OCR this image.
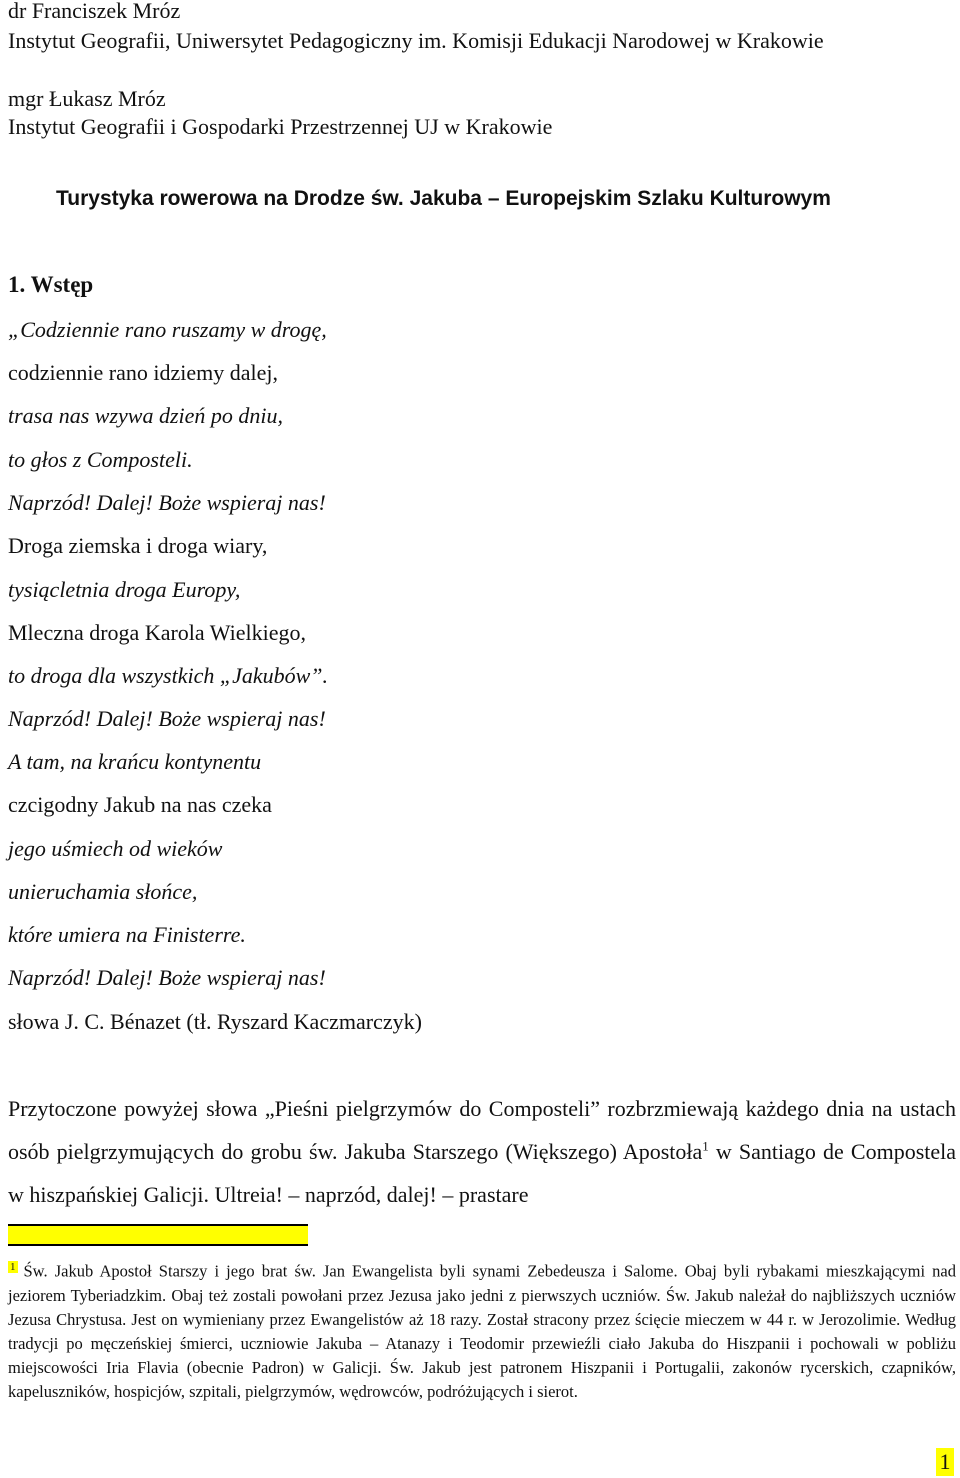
dr Franciszek Mróz
Instytut Geografii, Uniwersytet Pedagogiczny im. Komisji Edukacji Narodowej w Krakowie
mgr Łukasz Mróz
Instytut Geografii i Gospodarki Przestrzennej UJ w Krakowie
Turystyka rowerowa na Drodze św. Jakuba – Europejskim Szlaku Kulturowym
1. Wstęp
„Codziennie rano ruszamy w drogę,
codziennie rano idziemy dalej,
trasa nas wzywa dzień po dniu,
to głos z Composteli.
Naprzód! Dalej! Boże wspieraj nas!
Droga ziemska i droga wiary,
tysiącletnia droga Europy,
Mleczna droga Karola Wielkiego,
to droga dla wszystkich „Jakubów”.
Naprzód! Dalej! Boże wspieraj nas!
A tam, na krańcu kontynentu
czcigodny Jakub na nas czeka
jego uśmiech od wieków
unieruchamia słońce,
które umiera na Finisterre.
Naprzód! Dalej! Boże wspieraj nas!
słowa J. C. Bénazet (tł. Ryszard Kaczmarczyk)
Przytoczone powyżej słowa „Pieśni pielgrzymów do Composteli” rozbrzmiewają każdego dnia na ustach osób pielgrzymujących do grobu św. Jakuba Starszego (Większego) Apostoła$^1$ w Santiago de Compostela w hiszpańskiej Galicji. Ultreia! – naprzód, dalej! – prastare
$^1$ Św. Jakub Apostoł Starszy i jego brat św. Jan Ewangelista byli synami Zebedeusza i Salome. Obaj byli rybakami mieszkającymi nad jeziorem Tyberiadzkim. Obaj też zostali powołani przez Jezusa jako jedni z pierwszych uczniów. Św. Jakub należał do najbliższych uczniów Jezusa Chrystusa. Jest on wymieniany przez Ewangelistów aż 18 razy. Został stracony przez ścięcie mieczem w 44 r. w Jerozolimie. Według tradycji po męczeńskiej śmierci, uczniowie Jakuba – Atanazy i Teodomir przewieźli ciało Jakuba do Hiszpanii i pochowali w pobliżu miejscowości Iria Flavia (obecnie Padron) w Galicji. Św. Jakub jest patronem Hiszpanii i Portugalii, zakonów rycerskich, czapników, kapeluszników, hospicjów, szpitali, pielgrzymów, wędrowców, podróżujących i sierot.
1
